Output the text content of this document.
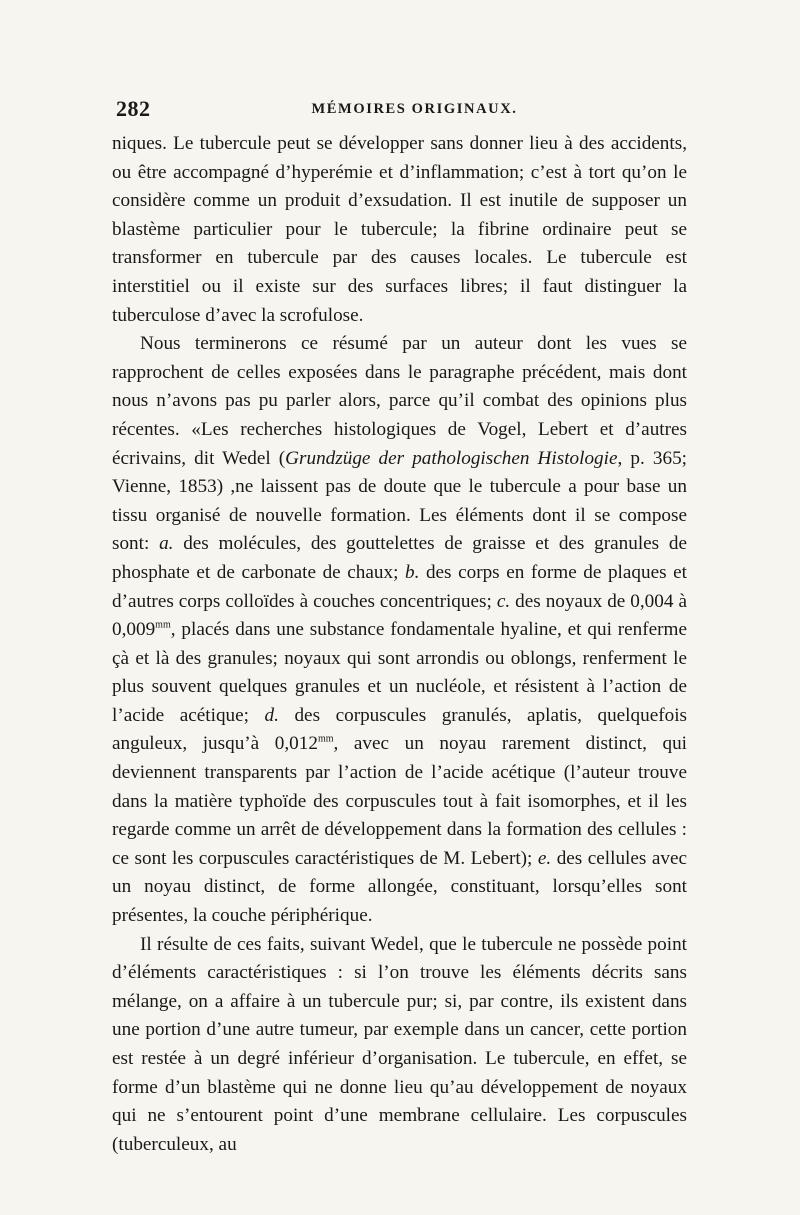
282	MÉMOIRES ORIGINAUX.

niques. Le tubercule peut se développer sans donner lieu à des accidents, ou être accompagné d’hyperémie et d’inflammation; c’est à tort qu’on le considère comme un produit d’exsudation. Il est inutile de supposer un blastème particulier pour le tubercule; la fibrine ordinaire peut se transformer en tubercule par des causes locales. Le tubercule est interstitiel ou il existe sur des surfaces libres; il faut distinguer la tuberculose d’avec la scrofulose.

Nous terminerons ce résumé par un auteur dont les vues se rapprochent de celles exposées dans le paragraphe précédent, mais dont nous n’avons pas pu parler alors, parce qu’il combat des opinions plus récentes. «Les recherches histologiques de Vogel, Lebert et d’autres écrivains, dit Wedel (Grundzüge der pathologischen Histologie, p. 365; Vienne, 1853) ,ne laissent pas de doute que le tubercule a pour base un tissu organisé de nouvelle formation. Les éléments dont il se compose sont: a. des molécules, des gouttelettes de graisse et des granules de phosphate et de carbonate de chaux; b. des corps en forme de plaques et d’autres corps colloïdes à couches concentriques; c. des noyaux de 0,004 à $0,009^{mm}$, placés dans une substance fondamentale hyaline, et qui renferme çà et là des granules; noyaux qui sont arrondis ou oblongs, renferment le plus souvent quelques granules et un nucléole, et résistent à l’action de l’acide acétique; d. des corpuscules granulés, aplatis, quelquefois anguleux, jusqu’à $0,012^{mm}$, avec un noyau rarement distinct, qui deviennent transparents par l’action de l’acide acétique (l’auteur trouve dans la matière typhoïde des corpuscules tout à fait isomorphes, et il les regarde comme un arrêt de développement dans la formation des cellules : ce sont les corpuscules caractéristiques de M. Lebert); e. des cellules avec un noyau distinct, de forme allongée, constituant, lorsqu’elles sont présentes, la couche périphérique.

Il résulte de ces faits, suivant Wedel, que le tubercule ne possède point d’éléments caractéristiques : si l’on trouve les éléments décrits sans mélange, on a affaire à un tubercule pur; si, par contre, ils existent dans une portion d’une autre tumeur, par exemple dans un cancer, cette portion est restée à un degré inférieur d’organisation. Le tubercule, en effet, se forme d’un blastème qui ne donne lieu qu’au développement de noyaux qui ne s’entourent point d’une membrane cellulaire. Les corpuscules (tuberculeux, au
